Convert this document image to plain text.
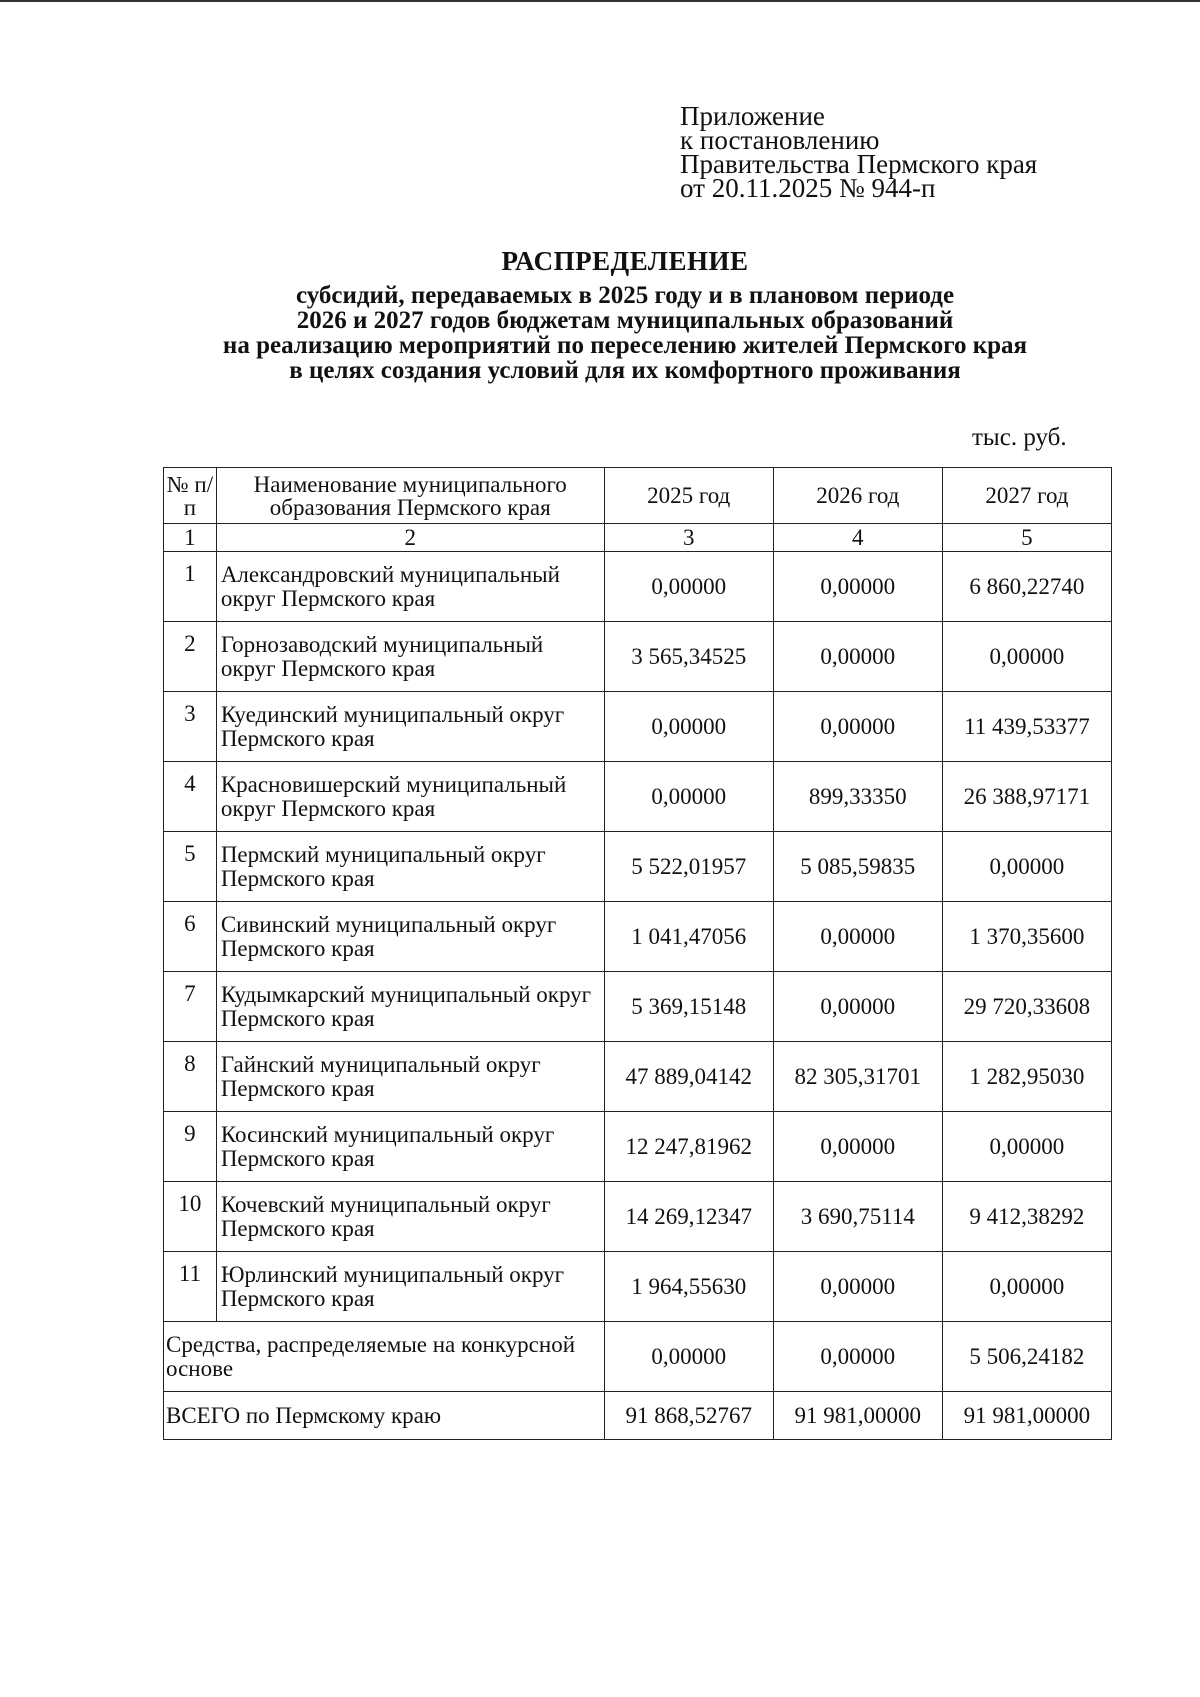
Приложение
к постановлению
Правительства Пермского края
от 20.11.2025 № 944-п
РАСПРЕДЕЛЕНИЕ
субсидий, передаваемых в 2025 году и в плановом периоде
2026 и 2027 годов бюджетам муниципальных образований
на реализацию мероприятий по переселению жителей Пермского края
в целях создания условий для их комфортного проживания
тыс. руб.
№ п/п	Наименование муниципального образования Пермского края	2025 год	2026 год	2027 год
1	2	3	4	5
1	Александровский муниципальный округ Пермского края	0,00000	0,00000	6 860,22740
2	Горнозаводский муниципальный округ Пермского края	3 565,34525	0,00000	0,00000
3	Куединский муниципальный округ Пермского края	0,00000	0,00000	11 439,53377
4	Красновишерский муниципальный округ Пермского края	0,00000	899,33350	26 388,97171
5	Пермский муниципальный округ Пермского края	5 522,01957	5 085,59835	0,00000
6	Сивинский муниципальный округ Пермского края	1 041,47056	0,00000	1 370,35600
7	Кудымкарский муниципальный округ Пермского края	5 369,15148	0,00000	29 720,33608
8	Гайнский муниципальный округ Пермского края	47 889,04142	82 305,31701	1 282,95030
9	Косинский муниципальный округ Пермского края	12 247,81962	0,00000	0,00000
10	Кочевский муниципальный округ Пермского края	14 269,12347	3 690,75114	9 412,38292
11	Юрлинский муниципальный округ Пермского края	1 964,55630	0,00000	0,00000
Средства, распределяемые на конкурсной основе		0,00000	0,00000	5 506,24182
ВСЕГО по Пермскому краю		91 868,52767	91 981,00000	91 981,00000
